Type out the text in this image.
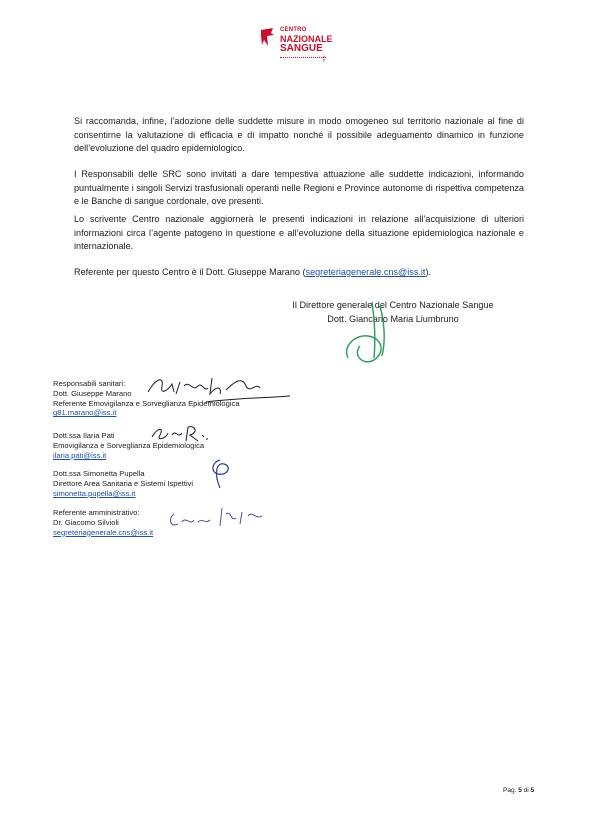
CENTRO
NAZIONALE
SANGUE
‡

Si raccomanda, infine, l’adozione delle suddette misure in modo omogeneo sul territorio nazionale al fine di consentirne la valutazione di efficacia e di impatto nonché il possibile adeguamento dinamico in funzione dell’evoluzione del quadro epidemiologico.

I Responsabili delle SRC sono invitati a dare tempestiva attuazione alle suddette indicazioni, informando puntualmente i singoli Servizi trasfusionali operanti nelle Regioni e Province autonome di rispettiva competenza e le Banche di sangue cordonale, ove presenti.

Lo scrivente Centro nazionale aggiornerà le presenti indicazioni in relazione all’acquisizione di ulteriori informazioni circa l’agente patogeno in questione e all’evoluzione della situazione epidemiologica nazionale e internazionale.

Referente per questo Centro è il Dott. Giuseppe Marano (segreteriagenerale.cns@iss.it).

Il Direttore generale del Centro Nazionale Sangue
Dott. Giancarlo Maria Liumbruno
Responsabili sanitari:
Dott. Giuseppe Marano
Referente Emovigilanza e Sorveglianza Epidemiologica
g81.marano@iss.it
Dott.ssa Ilaria Pati
Emovigilanza e Sorveglianza Epidemiologica
ilaria.pati@iss.it
Dott.ssa Simonetta Pupella
Direttore Area Sanitaria e Sistemi Ispettivi
simonetta.pupella@iss.it
Referente amministrativo:
Dr. Giacomo Silvioli
segreteriagenerale.cns@iss.it
Pag. 5 di 5
